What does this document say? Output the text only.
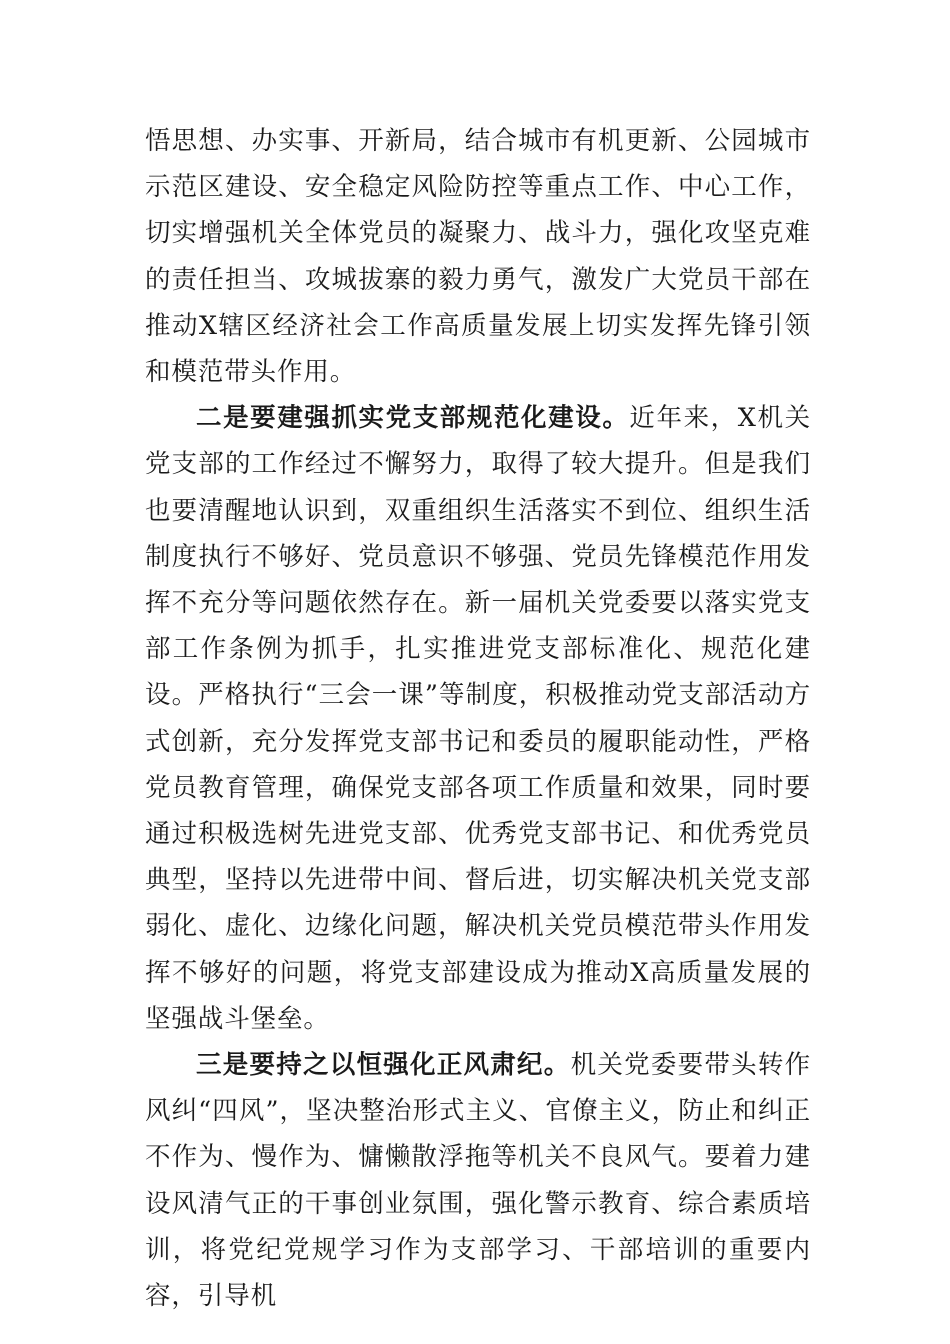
悟思想、办实事、开新局，结合城市有机更新、公园城市示范区建设、安全稳定风险防控等重点工作、中心工作，切实增强机关全体党员的凝聚力、战斗力，强化攻坚克难的责任担当、攻城拔寨的毅力勇气，激发广大党员干部在推动X辖区经济社会工作高质量发展上切实发挥先锋引领和模范带头作用。

二是要建强抓实党支部规范化建设。近年来，X机关党支部的工作经过不懈努力，取得了较大提升。但是我们也要清醒地认识到，双重组织生活落实不到位、组织生活制度执行不够好、党员意识不够强、党员先锋模范作用发挥不充分等问题依然存在。新一届机关党委要以落实党支部工作条例为抓手，扎实推进党支部标准化、规范化建设。严格执行“三会一课”等制度，积极推动党支部活动方式创新，充分发挥党支部书记和委员的履职能动性，严格党员教育管理，确保党支部各项工作质量和效果，同时要通过积极选树先进党支部、优秀党支部书记、和优秀党员典型，坚持以先进带中间、督后进，切实解决机关党支部弱化、虚化、边缘化问题，解决机关党员模范带头作用发挥不够好的问题，将党支部建设成为推动X高质量发展的坚强战斗堡垒。

三是要持之以恒强化正风肃纪。机关党委要带头转作风纠“四风”，坚决整治形式主义、官僚主义，防止和纠正不作为、慢作为、慵懒散浮拖等机关不良风气。要着力建设风清气正的干事创业氛围，强化警示教育、综合素质培训，将党纪党规学习作为支部学习、干部培训的重要内容，引导机
